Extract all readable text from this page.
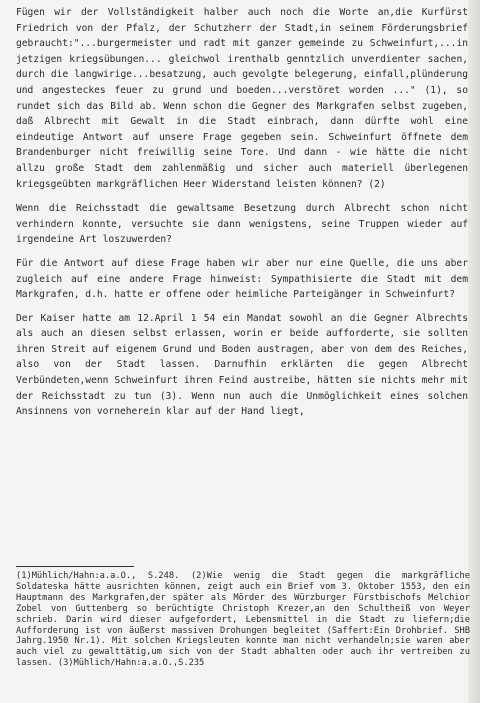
Fügen wir der Vollständigkeit halber auch noch die Worte an,die Kurfürst Friedrich von der Pfalz, der Schutzherr der Stadt,in seinem Förderungsbrief gebraucht:"...burgermeister und radt mit ganzer gemeinde zu Schweinfurt,...in jetzigen kriegsübungen... gleichwol irenthalb genntzlich unverdienter sachen, durch die langwirige...besatzung, auch gevolgte belegerung, einfall,plünderung und angesteckes feuer zu grund und boeden...verstöret worden ..." (1), so rundet sich das Bild ab. Wenn schon die Gegner des Markgrafen selbst zugeben, daß Albrecht mit Gewalt in die Stadt einbrach, dann dürfte wohl eine eindeutige Antwort auf unsere Frage gegeben sein. Schweinfurt öffnete dem Brandenburger nicht freiwillig seine Tore. Und dann - wie hätte die nicht allzu große Stadt dem zahlenmäßig und sicher auch materiell überlegenen kriegsgeübten markgräflichen Heer Widerstand leisten können? (2)

Wenn die Reichsstadt die gewaltsame Besetzung durch Albrecht schon nicht verhindern konnte, versuchte sie dann wenigstens, seine Truppen wieder auf irgendeine Art loszuwerden?

Für die Antwort auf diese Frage haben wir aber nur eine Quelle, die uns aber zugleich auf eine andere Frage hinweist: Sympathisierte die Stadt mit dem Markgrafen, d.h. hatte er offene oder heimliche Parteigänger in Schweinfurt?

Der Kaiser hatte am 12.April 1 54 ein Mandat sowohl an die Gegner Albrechts als auch an diesen selbst erlassen, worin er beide aufforderte, sie sollten ihren Streit auf eigenem Grund und Boden austragen, aber von dem des Reiches, also von der Stadt lassen. Darnufhin erklärten die gegen Albrecht Verbündeten,wenn Schweinfurt ihren Feind austreibe, hätten sie nichts mehr mit der Reichsstadt zu tun (3). Wenn nun auch die Unmöglichkeit eines solchen Ansinnens von vorneherein klar auf der Hand liegt,

(1)Mühlich/Hahn:a.a.O., S.248. (2)Wie wenig die Stadt gegen die markgräfliche Soldateska hätte ausrichten können, zeigt auch ein Brief vom 3. Oktober 1553, den ein Hauptmann des Markgrafen,der später als Mörder des Würzburger Fürstbischofs Melchior Zobel von Guttenberg so berüchtigte Christoph Krezer,an den Schultheiß von Weyer schrieb. Darin wird dieser aufgefordert, Lebensmittel in die Stadt zu liefern;die Aufforderung ist von äußerst massiven Drohungen begleitet (Saffert:Ein Drohbrief. SHB Jahrg.1950 Nr.1). Mit solchen Kriegsleuten konnte man nicht verhandeln;sie waren aber auch viel zu gewalttätig,um sich von der Stadt abhalten oder auch ihr vertreiben zu lassen. (3)Mühlich/Hahn:a.a.O.,S.235
